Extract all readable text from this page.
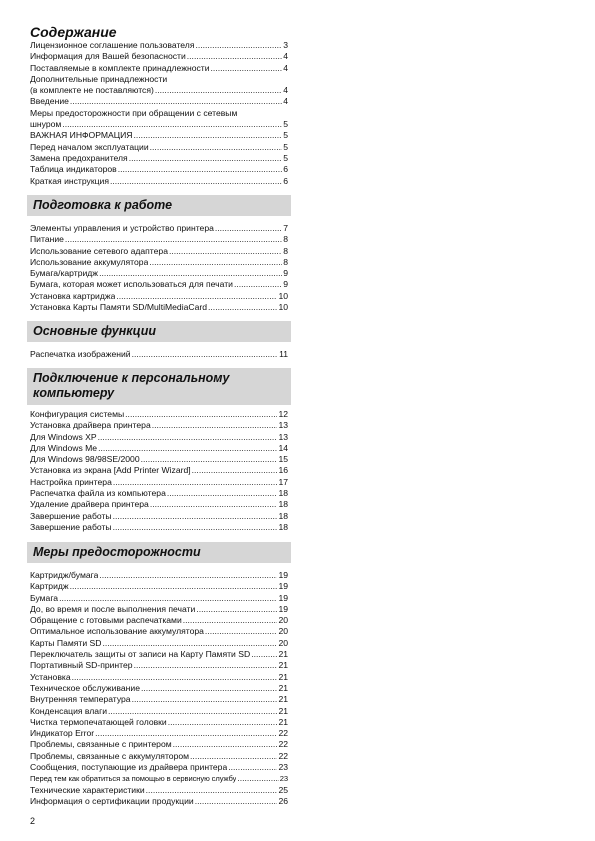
Содержание
Лицензионное соглашение пользователя .....	3
Информация для Вашей безопасности .....	4
Поставляемые в комплекте принадлежности .....	4
Дополнительные принадлежности
(в комплекте не поставляются) .....	4
Введение .....	4
Меры предосторожности при обращении с сетевым
шнуром .....	5
ВАЖНАЯ ИНФОРМАЦИЯ .....	5
Перед началом эксплуатации .....	5
Замена предохранителя .....	5
Таблица индикаторов .....	6
Краткая инструкция .....	6
Подготовка к работе
Элементы управления и устройство принтера .....	7
Питание .....	8
Использование сетевого адаптера .....	8
Использование аккумулятора .....	8
Бумага/картридж .....	9
Бумага, которая может использоваться для печати .....	9
Установка картриджа .....	10
Установка Карты Памяти SD/MultiMediaCard .....	10
Основные функции
Распечатка изображений .....	11
Подключение к персональному компьютеру
Конфигурация системы .....	12
Установка драйвера принтера .....	13
Для Windows XP .....	13
Для Windows Me .....	14
Для Windows 98/98SE/2000 .....	15
Установка из экрана [Add Printer Wizard] .....	16
Настройка принтера .....	17
Распечатка файла из компьютера .....	18
Удаление драйвера принтера .....	18
Завершение работы .....	18
Завершение работы .....	18
Меры предосторожности
Картридж/бумага .....	19
Картридж .....	19
Бумага .....	19
До, во время и после выполнения печати .....	19
Обращение с готовыми распечатками .....	20
Оптимальное использование аккумулятора .....	20
Карты Памяти SD .....	20
Переключатель защиты от записи на Карту Памяти SD .....	21
Портативный SD-принтер .....	21
Установка .....	21
Техническое обслуживание .....	21
Внутренняя температура .....	21
Конденсация влаги .....	21
Чистка термопечатающей головки .....	21
Индикатор Error .....	22
Проблемы, связанные с принтером .....	22
Проблемы, связанные с аккумулятором .....	22
Сообщения, поступающие из драйвера принтера .....	23
Перед тем как обратиться за помощью в сервисную службу .....	23
Технические характеристики .....	25
Информация о сертификации продукции .....	26
2
